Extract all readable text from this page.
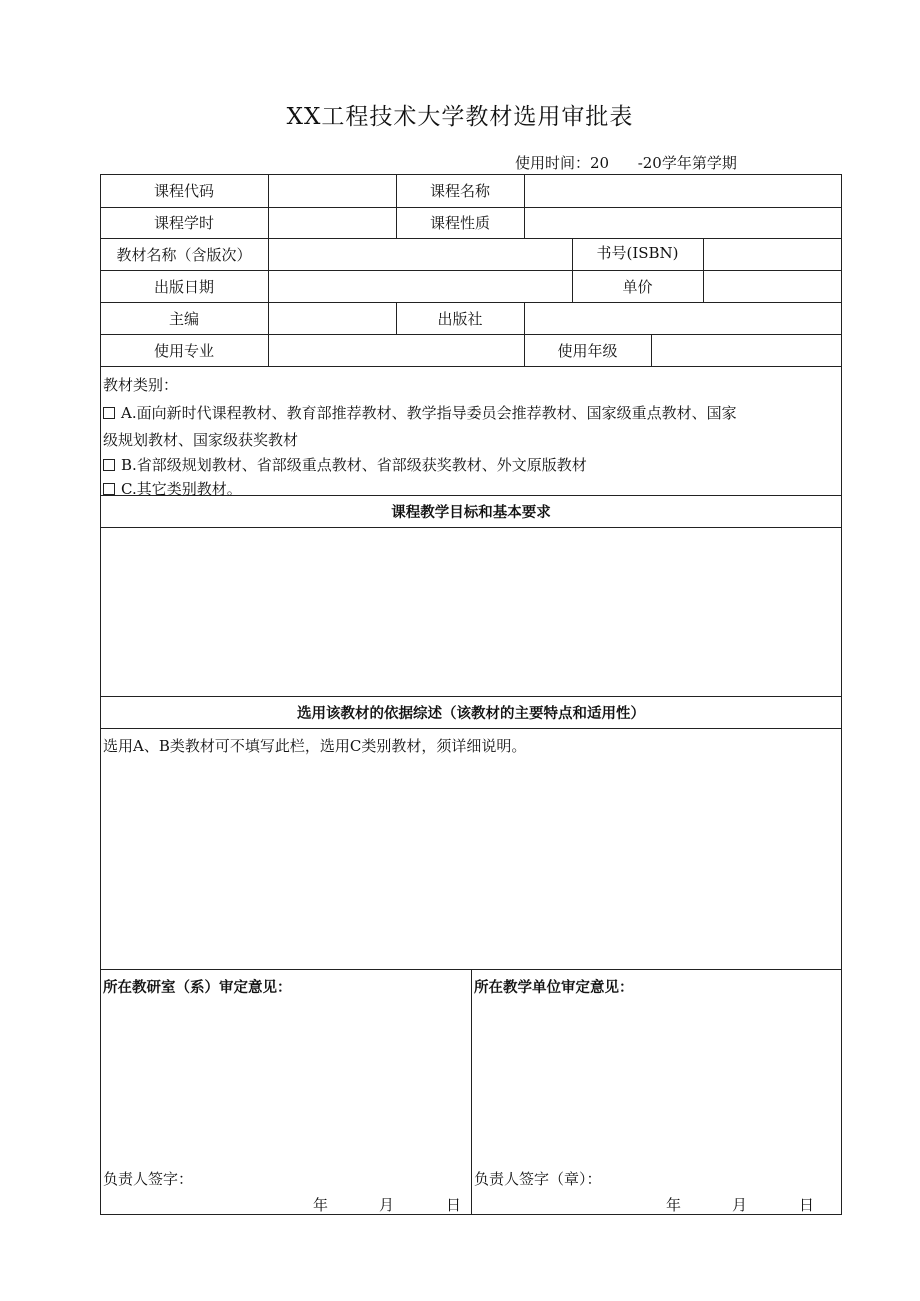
XX工程技术大学教材选用审批表
使用时间：20      -20学年第学期
课程代码	课程名称
课程学时	课程性质
教材名称（含版次）	书号(ISBN)
出版日期	单价
主编	出版社
使用专业	使用年级
教材类别：
A.面向新时代课程教材、教育部推荐教材、教学指导委员会推荐教材、国家级重点教材、国家
级规划教材、国家级获奖教材
B.省部级规划教材、省部级重点教材、省部级获奖教材、外文原版教材
C.其它类别教材。
课程教学目标和基本要求
选用该教材的依据综述（该教材的主要特点和适用性）
选用A、B类教材可不填写此栏，选用C类别教材，须详细说明。
所在教研室（系）审定意见：
负责人签字：
年	月	日
所在教学单位审定意见：
负责人签字（章）：
年	月	日
